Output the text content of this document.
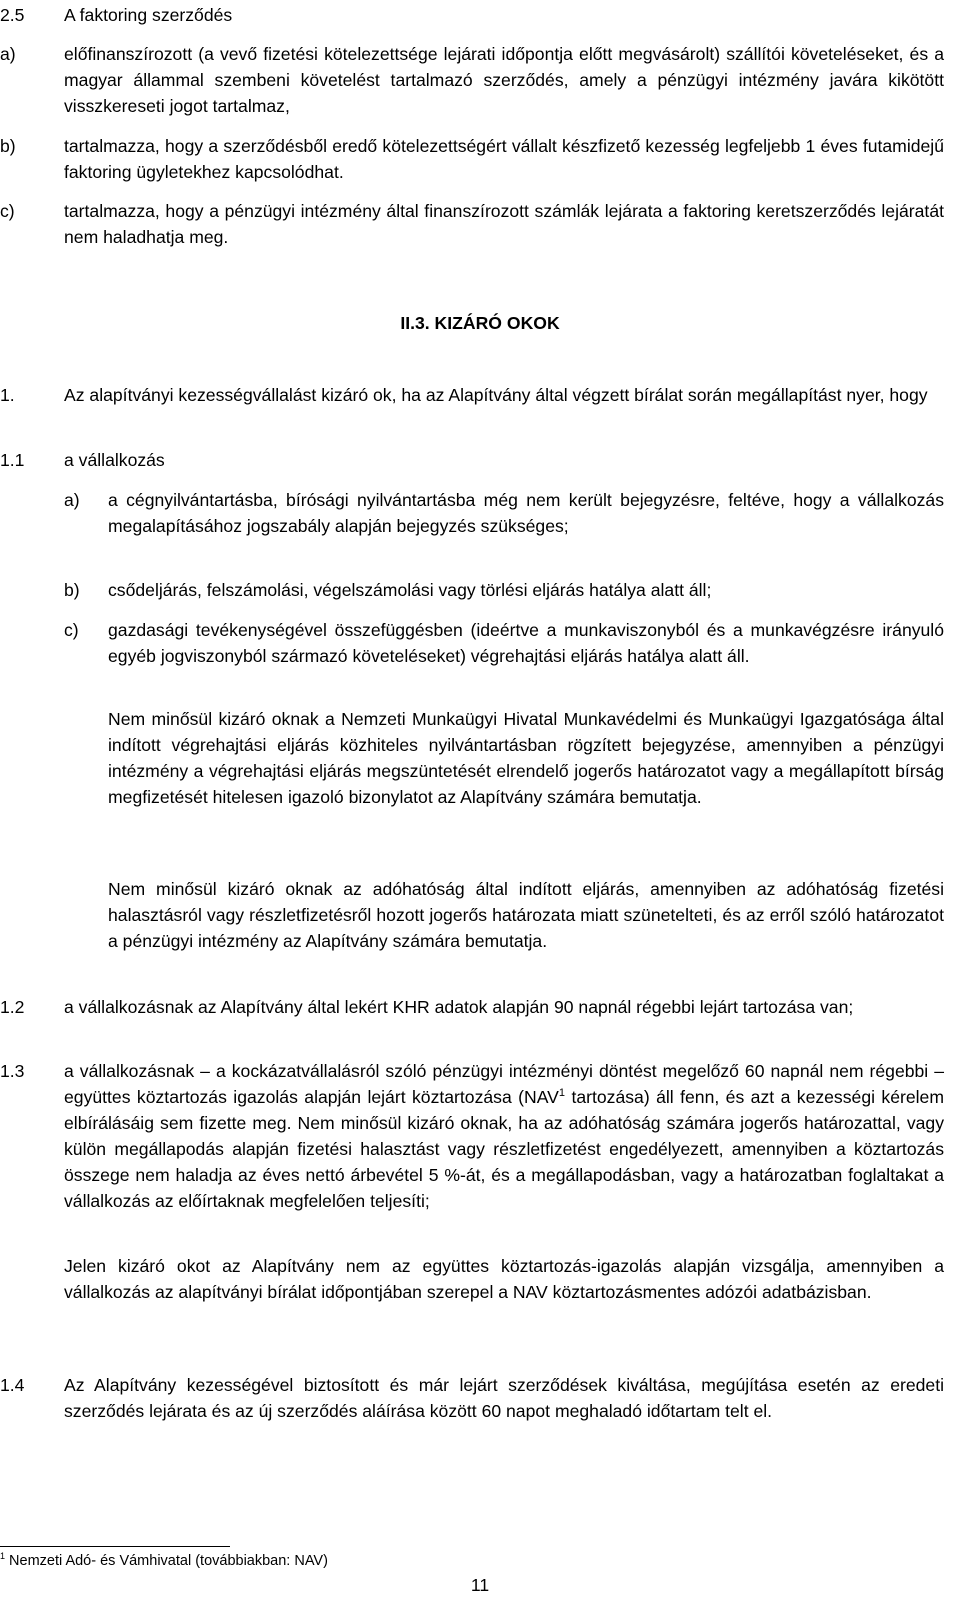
2.5 A faktoring szerződés
a)	előfinanszírozott (a vevő fizetési kötelezettsége lejárati időpontja előtt megvásárolt) szállítói követeléseket, és a magyar állammal szembeni követelést tartalmazó szerződés, amely a pénzügyi intézmény javára kikötött visszkereseti jogot tartalmaz,

b)	tartalmazza, hogy a szerződésből eredő kötelezettségért vállalt készfizető kezesség legfeljebb 1 éves futamidejű faktoring ügyletekhez kapcsolódhat.

c)	tartalmazza, hogy a pénzügyi intézmény által finanszírozott számlák lejárata a faktoring keretszerződés lejáratát nem haladhatja meg.

II.3. KIZÁRÓ OKOK
1.	Az alapítványi kezességvállalást kizáró ok, ha az Alapítvány által végzett bírálat során megállapítást nyer, hogy

1.1 a vállalkozás

a) a cégnyilvántartásba, bírósági nyilvántartásba még nem került bejegyzésre, feltéve, hogy a vállalkozás megalapításához jogszabály alapján bejegyzés szükséges;

b) csődeljárás, felszámolási, végelszámolási vagy törlési eljárás hatálya alatt áll;

c) gazdasági tevékenységével összefüggésben (ideértve a munkaviszonyból és a munkavégzésre irányuló egyéb jogviszonyból származó követeléseket) végrehajtási eljárás hatálya alatt áll.

Nem minősül kizáró oknak a Nemzeti Munkaügyi Hivatal Munkavédelmi és Munkaügyi Igazgatósága által indított végrehajtási eljárás közhiteles nyilvántartásban rögzített bejegyzése, amennyiben a pénzügyi intézmény a végrehajtási eljárás megszüntetését elrendelő jogerős határozatot vagy a megállapított bírság megfizetését hitelesen igazoló bizonylatot az Alapítvány számára bemutatja.

Nem minősül kizáró oknak az adóhatóság által indított eljárás, amennyiben az adóhatóság fizetési halasztásról vagy részletfizetésről hozott jogerős határozata miatt szünetelteti, és az erről szóló határozatot a pénzügyi intézmény az Alapítvány számára bemutatja.

1.2 a vállalkozásnak az Alapítvány által lekért KHR adatok alapján 90 napnál régebbi lejárt tartozása van;

1.3 a vállalkozásnak – a kockázatvállalásról szóló pénzügyi intézményi döntést megelőző 60 napnál nem régebbi – együttes köztartozás igazolás alapján lejárt köztartozása (NAV$^1$ tartozása) áll fenn, és azt a kezességi kérelem elbírálásáig sem fizette meg. Nem minősül kizáró oknak, ha az adóhatóság számára jogerős határozattal, vagy külön megállapodás alapján fizetési halasztást vagy részletfizetést engedélyezett, amennyiben a köztartozás összege nem haladja az éves nettó árbevétel 5 %-át, és a megállapodásban, vagy a határozatban foglaltakat a vállalkozás az előírtaknak megfelelően teljesíti;

Jelen kizáró okot az Alapítvány nem az együttes köztartozás-igazolás alapján vizsgálja, amennyiben a vállalkozás az alapítványi bírálat időpontjában szerepel a NAV köztartozásmentes adózói adatbázisban.

1.4 Az Alapítvány kezességével biztosított és már lejárt szerződések kiváltása, megújítása esetén az eredeti szerződés lejárata és az új szerződés aláírása között 60 napot meghaladó időtartam telt el.

$^1$ Nemzeti Adó- és Vámhivatal (továbbiakban: NAV)
11
